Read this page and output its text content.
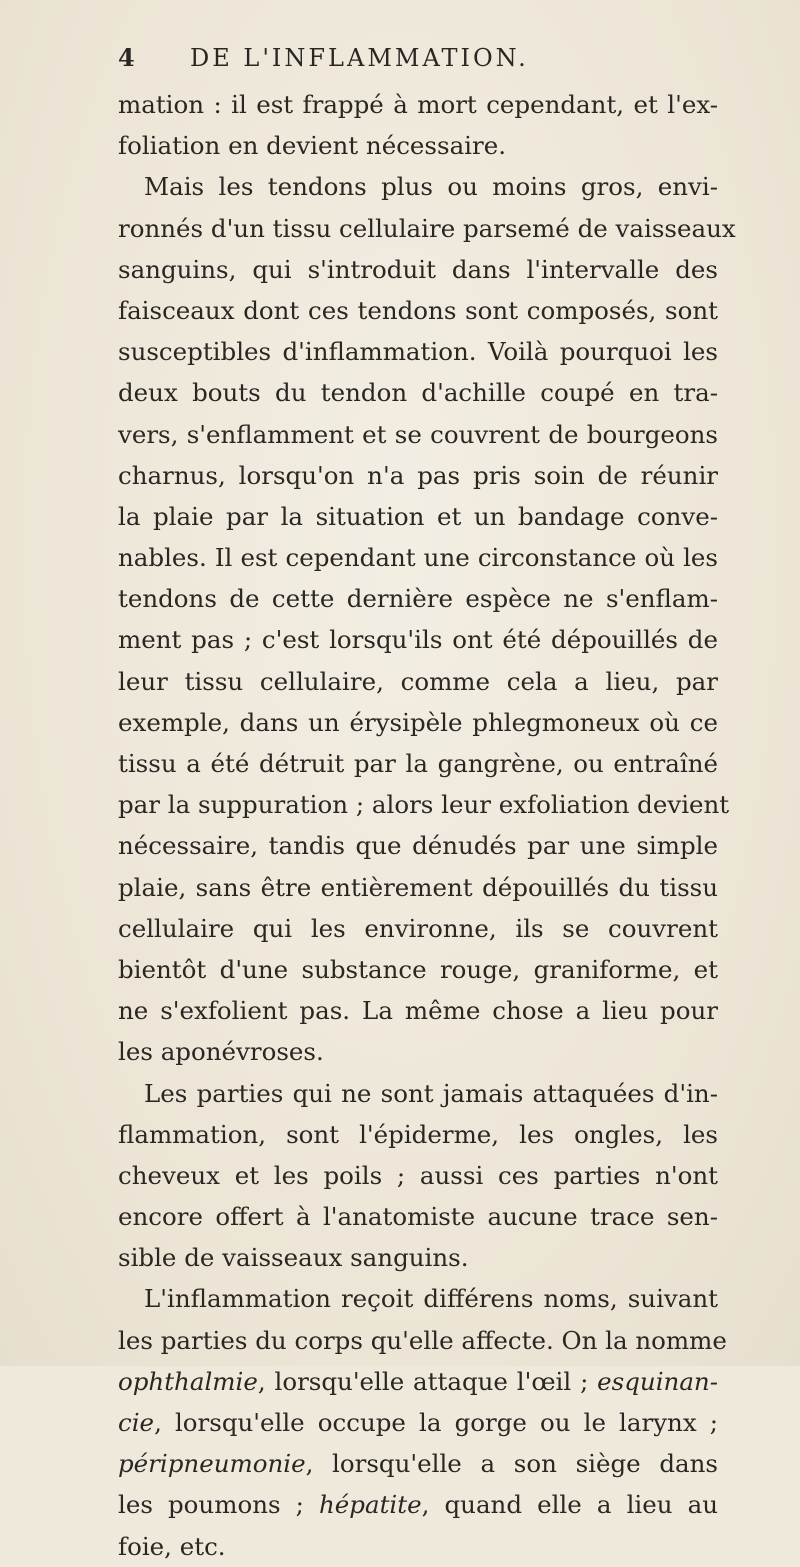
4 DE L'INFLAMMATION.
mation : il est frappé à mort cependant, et l'ex-
foliation en devient nécessaire.
Mais les tendons plus ou moins gros, envi-
ronnés d'un tissu cellulaire parsemé de vaisseaux
sanguins, qui s'introduit dans l'intervalle des
faisceaux dont ces tendons sont composés, sont
susceptibles d'inflammation. Voilà pourquoi les
deux bouts du tendon d'achille coupé en tra-
vers, s'enflamment et se couvrent de bourgeons
charnus, lorsqu'on n'a pas pris soin de réunir
la plaie par la situation et un bandage conve-
nables. Il est cependant une circonstance où les
tendons de cette dernière espèce ne s'enflam-
ment pas ; c'est lorsqu'ils ont été dépouillés de
leur tissu cellulaire, comme cela a lieu, par
exemple, dans un érysipèle phlegmoneux où ce
tissu a été détruit par la gangrène, ou entraîné
par la suppuration ; alors leur exfoliation devient
nécessaire, tandis que dénudés par une simple
plaie, sans être entièrement dépouillés du tissu
cellulaire qui les environne, ils se couvrent
bientôt d'une substance rouge, graniforme, et
ne s'exfolient pas. La même chose a lieu pour
les aponévroses.
Les parties qui ne sont jamais attaquées d'in-
flammation, sont l'épiderme, les ongles, les
cheveux et les poils ; aussi ces parties n'ont
encore offert à l'anatomiste aucune trace sen-
sible de vaisseaux sanguins.
L'inflammation reçoit différens noms, suivant
les parties du corps qu'elle affecte. On la nomme
ophthalmie, lorsqu'elle attaque l'œil ; esquinan-
cie, lorsqu'elle occupe la gorge ou le larynx ;
péripneumonie, lorsqu'elle a son siège dans
les poumons ; hépatite, quand elle a lieu au
foie, etc.
